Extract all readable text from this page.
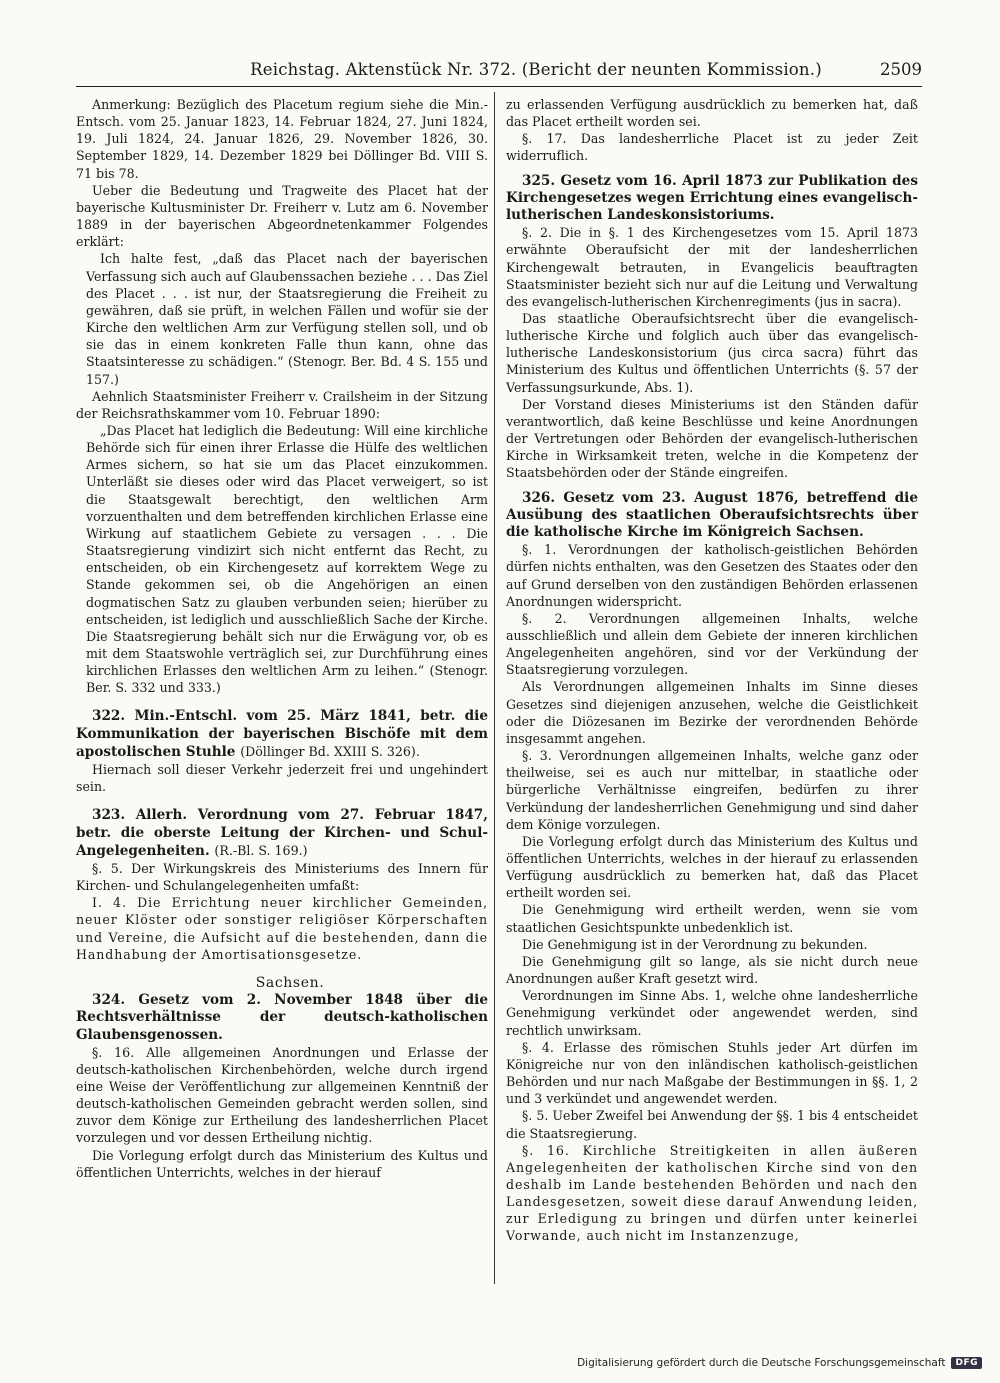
Reichstag. Aktenstück Nr. 372. (Bericht der neunten Kommission.)	2509

Anmerkung: Bezüglich des Placetum regium siehe die Min.-Entsch. vom 25. Januar 1823, 14. Februar 1824, 27. Juni 1824, 19. Juli 1824, 24. Januar 1826, 29. November 1826, 30. September 1829, 14. Dezember 1829 bei Döllinger Bd. VIII S. 71 bis 78.

Ueber die Bedeutung und Tragweite des Placet hat der bayerische Kultusminister Dr. Freiherr v. Lutz am 6. November 1889 in der bayerischen Abgeordnetenkammer Folgendes erklärt:

Ich halte fest, „daß das Placet nach der bayerischen Verfassung sich auch auf Glaubenssachen beziehe . . . Das Ziel des Placet . . . ist nur, der Staatsregierung die Freiheit zu gewähren, daß sie prüft, in welchen Fällen und wofür sie der Kirche den weltlichen Arm zur Verfügung stellen soll, und ob sie das in einem konkreten Falle thun kann, ohne das Staatsinteresse zu schädigen.“ (Stenogr. Ber. Bd. 4 S. 155 und 157.)

Aehnlich Staatsminister Freiherr v. Crailsheim in der Sitzung der Reichsrathskammer vom 10. Februar 1890:

„Das Placet hat lediglich die Bedeutung: Will eine kirchliche Behörde sich für einen ihrer Erlasse die Hülfe des weltlichen Armes sichern, so hat sie um das Placet einzukommen. Unterläßt sie dieses oder wird das Placet verweigert, so ist die Staatsgewalt berechtigt, den weltlichen Arm vorzuenthalten und dem betreffenden kirchlichen Erlasse eine Wirkung auf staatlichem Gebiete zu versagen . . . Die Staatsregierung vindizirt sich nicht entfernt das Recht, zu entscheiden, ob ein Kirchengesetz auf korrektem Wege zu Stande gekommen sei, ob die Angehörigen an einen dogmatischen Satz zu glauben verbunden seien; hierüber zu entscheiden, ist lediglich und ausschließlich Sache der Kirche. Die Staatsregierung behält sich nur die Erwägung vor, ob es mit dem Staatswohle verträglich sei, zur Durchführung eines kirchlichen Erlasses den weltlichen Arm zu leihen.“ (Stenogr. Ber. S. 332 und 333.)

322. Min.-Entschl. vom 25. März 1841, betr. die Kommunikation der bayerischen Bischöfe mit dem apostolischen Stuhle (Döllinger Bd. XXIII S. 326).

Hiernach soll dieser Verkehr jederzeit frei und ungehindert sein.

323. Allerh. Verordnung vom 27. Februar 1847, betr. die oberste Leitung der Kirchen- und Schul-Angelegenheiten. (R.-Bl. S. 169.)

§. 5. Der Wirkungskreis des Ministeriums des Innern für Kirchen- und Schulangelegenheiten umfaßt:

I. 4. Die Errichtung neuer kirchlicher Gemeinden, neuer Klöster oder sonstiger religiöser Körperschaften und Vereine, die Aufsicht auf die bestehenden, dann die Handhabung der Amortisationsgesetze.

Sachsen.

324. Gesetz vom 2. November 1848 über die Rechtsverhältnisse der deutsch-katholischen Glaubensgenossen.

§. 16. Alle allgemeinen Anordnungen und Erlasse der deutsch-katholischen Kirchenbehörden, welche durch irgend eine Weise der Veröffentlichung zur allgemeinen Kenntniß der deutsch-katholischen Gemeinden gebracht werden sollen, sind zuvor dem Könige zur Ertheilung des landesherrlichen Placet vorzulegen und vor dessen Ertheilung nichtig.

Die Vorlegung erfolgt durch das Ministerium des Kultus und öffentlichen Unterrichts, welches in der hierauf

zu erlassenden Verfügung ausdrücklich zu bemerken hat, daß das Placet ertheilt worden sei.

§. 17. Das landesherrliche Placet ist zu jeder Zeit widerruflich.

325. Gesetz vom 16. April 1873 zur Publikation des Kirchengesetzes wegen Errichtung eines evangelisch-lutherischen Landeskonsistoriums.

§. 2. Die in §. 1 des Kirchengesetzes vom 15. April 1873 erwähnte Oberaufsicht der mit der landesherrlichen Kirchengewalt betrauten, in Evangelicis beauftragten Staatsminister bezieht sich nur auf die Leitung und Verwaltung des evangelisch-lutherischen Kirchenregiments (jus in sacra).

Das staatliche Oberaufsichtsrecht über die evangelisch-lutherische Kirche und folglich auch über das evangelisch-lutherische Landeskonsistorium (jus circa sacra) führt das Ministerium des Kultus und öffentlichen Unterrichts (§. 57 der Verfassungsurkunde, Abs. 1).

Der Vorstand dieses Ministeriums ist den Ständen dafür verantwortlich, daß keine Beschlüsse und keine Anordnungen der Vertretungen oder Behörden der evangelisch-lutherischen Kirche in Wirksamkeit treten, welche in die Kompetenz der Staatsbehörden oder der Stände eingreifen.

326. Gesetz vom 23. August 1876, betreffend die Ausübung des staatlichen Oberaufsichtsrechts über die katholische Kirche im Königreich Sachsen.

§. 1. Verordnungen der katholisch-geistlichen Behörden dürfen nichts enthalten, was den Gesetzen des Staates oder den auf Grund derselben von den zuständigen Behörden erlassenen Anordnungen widerspricht.

§. 2. Verordnungen allgemeinen Inhalts, welche ausschließlich und allein dem Gebiete der inneren kirchlichen Angelegenheiten angehören, sind vor der Verkündung der Staatsregierung vorzulegen.

Als Verordnungen allgemeinen Inhalts im Sinne dieses Gesetzes sind diejenigen anzusehen, welche die Geistlichkeit oder die Diözesanen im Bezirke der verordnenden Behörde insgesammt angehen.

§. 3. Verordnungen allgemeinen Inhalts, welche ganz oder theilweise, sei es auch nur mittelbar, in staatliche oder bürgerliche Verhältnisse eingreifen, bedürfen zu ihrer Verkündung der landesherrlichen Genehmigung und sind daher dem Könige vorzulegen.

Die Vorlegung erfolgt durch das Ministerium des Kultus und öffentlichen Unterrichts, welches in der hierauf zu erlassenden Verfügung ausdrücklich zu bemerken hat, daß das Placet ertheilt worden sei.

Die Genehmigung wird ertheilt werden, wenn sie vom staatlichen Gesichtspunkte unbedenklich ist.

Die Genehmigung ist in der Verordnung zu bekunden.

Die Genehmigung gilt so lange, als sie nicht durch neue Anordnungen außer Kraft gesetzt wird.

Verordnungen im Sinne Abs. 1, welche ohne landesherrliche Genehmigung verkündet oder angewendet werden, sind rechtlich unwirksam.

§. 4. Erlasse des römischen Stuhls jeder Art dürfen im Königreiche nur von den inländischen katholisch-geistlichen Behörden und nur nach Maßgabe der Bestimmungen in §§. 1, 2 und 3 verkündet und angewendet werden.

§. 5. Ueber Zweifel bei Anwendung der §§. 1 bis 4 entscheidet die Staatsregierung.

§. 16. Kirchliche Streitigkeiten in allen äußeren Angelegenheiten der katholischen Kirche sind von den deshalb im Lande bestehenden Behörden und nach den Landesgesetzen, soweit diese darauf Anwendung leiden, zur Erledigung zu bringen und dürfen unter keinerlei Vorwande, auch nicht im Instanzenzuge,

Digitalisierung gefördert durch die Deutsche Forschungsgemeinschaft	DFG
